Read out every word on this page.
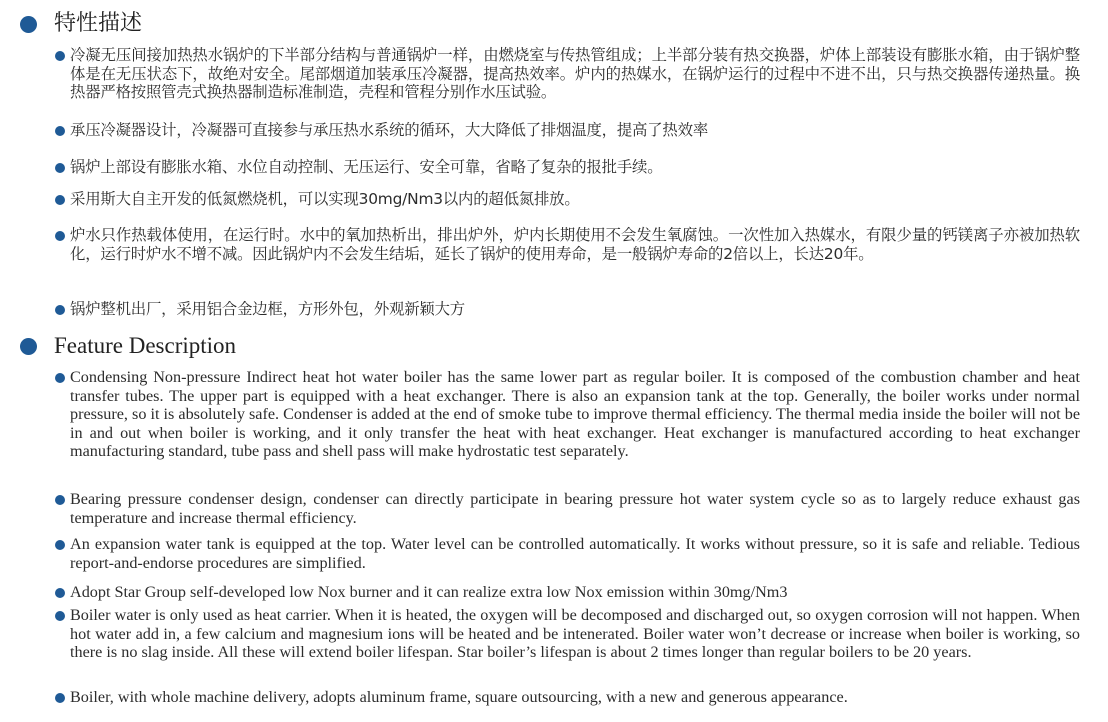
特性描述
冷凝无压间接加热热水锅炉的下半部分结构与普通锅炉一样，由燃烧室与传热管组成；上半部分装有热交换器，炉体上部装设有膨胀水箱，由于锅炉整体是在无压状态下，故绝对安全。尾部烟道加装承压冷凝器，提高热效率。炉内的热媒水，在锅炉运行的过程中不进不出，只与热交换器传递热量。换热器严格按照管壳式换热器制造标准制造，壳程和管程分别作水压试验。
承压冷凝器设计，冷凝器可直接参与承压热水系统的循环，大大降低了排烟温度，提高了热效率
锅炉上部设有膨胀水箱、水位自动控制、无压运行、安全可靠，省略了复杂的报批手续。
采用斯大自主开发的低氮燃烧机，可以实现30mg/Nm3以内的超低氮排放。
炉水只作热载体使用，在运行时。水中的氧加热析出，排出炉外，炉内长期使用不会发生氧腐蚀。一次性加入热媒水，有限少量的钙镁离子亦被加热软化，运行时炉水不增不减。因此锅炉内不会发生结垢，延长了锅炉的使用寿命，是一般锅炉寿命的2倍以上，长达20年。
锅炉整机出厂，采用铝合金边框，方形外包，外观新颖大方
Feature Description
Condensing Non-pressure Indirect heat hot water boiler has the same lower part as regular boiler. It is composed of the combustion chamber and heat transfer tubes. The upper part is equipped with a heat exchanger. There is also an expansion tank at the top. Generally, the boiler works under normal pressure, so it is absolutely safe. Condenser is added at the end of smoke tube to improve thermal efficiency. The thermal media inside the boiler will not be in and out when boiler is working, and it only transfer the heat with heat exchanger. Heat exchanger is manufactured according to heat exchanger manufacturing standard, tube pass and shell pass will make hydrostatic test separately.
Bearing pressure condenser design, condenser can directly participate in bearing pressure hot water system cycle so as to largely reduce exhaust gas temperature and increase thermal efficiency.
An expansion water tank is equipped at the top. Water level can be controlled automatically. It works without pressure, so it is safe and reliable. Tedious report-and-endorse procedures are simplified.
Adopt Star Group self-developed low Nox burner and it can realize extra low Nox emission within 30mg/Nm3
Boiler water is only used as heat carrier. When it is heated, the oxygen will be decomposed and discharged out, so oxygen corrosion will not happen. When hot water add in, a few calcium and magnesium ions will be heated and be intenerated. Boiler water won’t decrease or increase when boiler is working, so there is no slag inside. All these will extend boiler lifespan. Star boiler’s lifespan is about 2 times longer than regular boilers to be 20 years.
Boiler, with whole machine delivery, adopts aluminum frame, square outsourcing, with a new and generous appearance.
